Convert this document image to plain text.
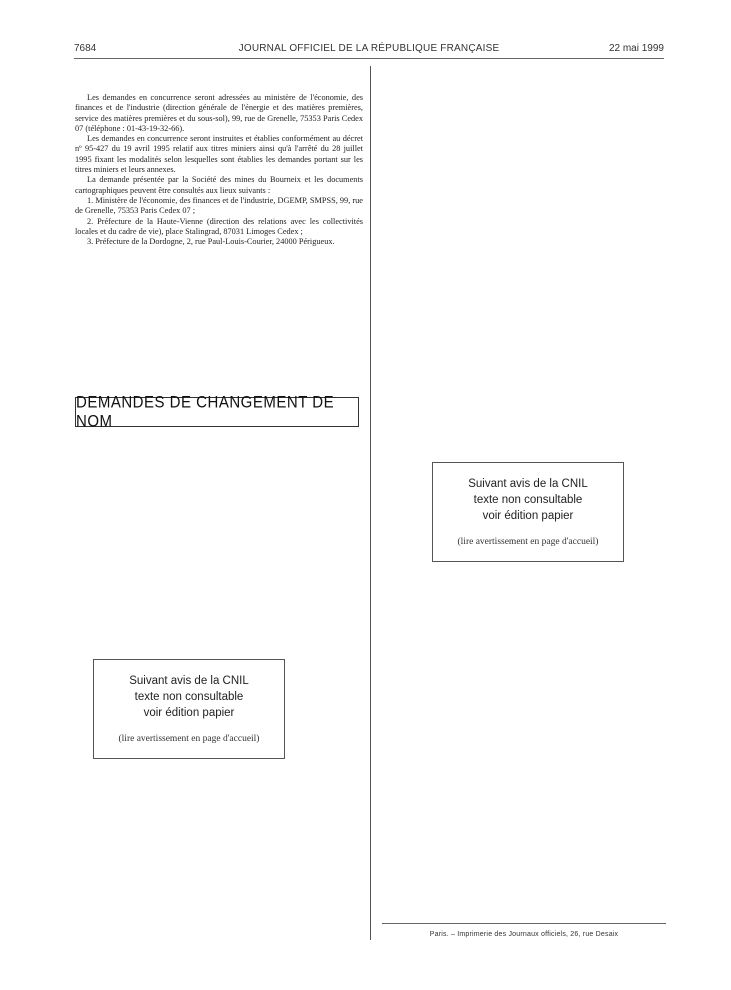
7684	JOURNAL OFFICIEL DE LA RÉPUBLIQUE FRANÇAISE	22 mai 1999

Les demandes en concurrence seront adressées au ministère de l'économie, des finances et de l'industrie (direction générale de l'énergie et des matières premières, service des matières premières et du sous-sol), 99, rue de Grenelle, 75353 Paris Cedex 07 (téléphone : 01-43-19-32-66).

Les demandes en concurrence seront instruites et établies conformément au décret nº 95-427 du 19 avril 1995 relatif aux titres miniers ainsi qu'à l'arrêté du 28 juillet 1995 fixant les modalités selon lesquelles sont établies les demandes portant sur les titres miniers et leurs annexes.

La demande présentée par la Société des mines du Bourneix et les documents cartographiques peuvent être consultés aux lieux suivants :

1. Ministère de l'économie, des finances et de l'industrie, DGEMP, SMPSS, 99, rue de Grenelle, 75353 Paris Cedex 07 ;

2. Préfecture de la Haute-Vienne (direction des relations avec les collectivités locales et du cadre de vie), place Stalingrad, 87031 Limoges Cedex ;

3. Préfecture de la Dordogne, 2, rue Paul-Louis-Courier, 24000 Périgueux.

DEMANDES DE CHANGEMENT DE NOM
Suivant avis de la CNIL
texte non consultable
voir édition papier
(lire avertissement en page d'accueil)
Suivant avis de la CNIL
texte non consultable
voir édition papier
(lire avertissement en page d'accueil)
Paris. – Imprimerie des Journaux officiels, 26, rue Desaix
